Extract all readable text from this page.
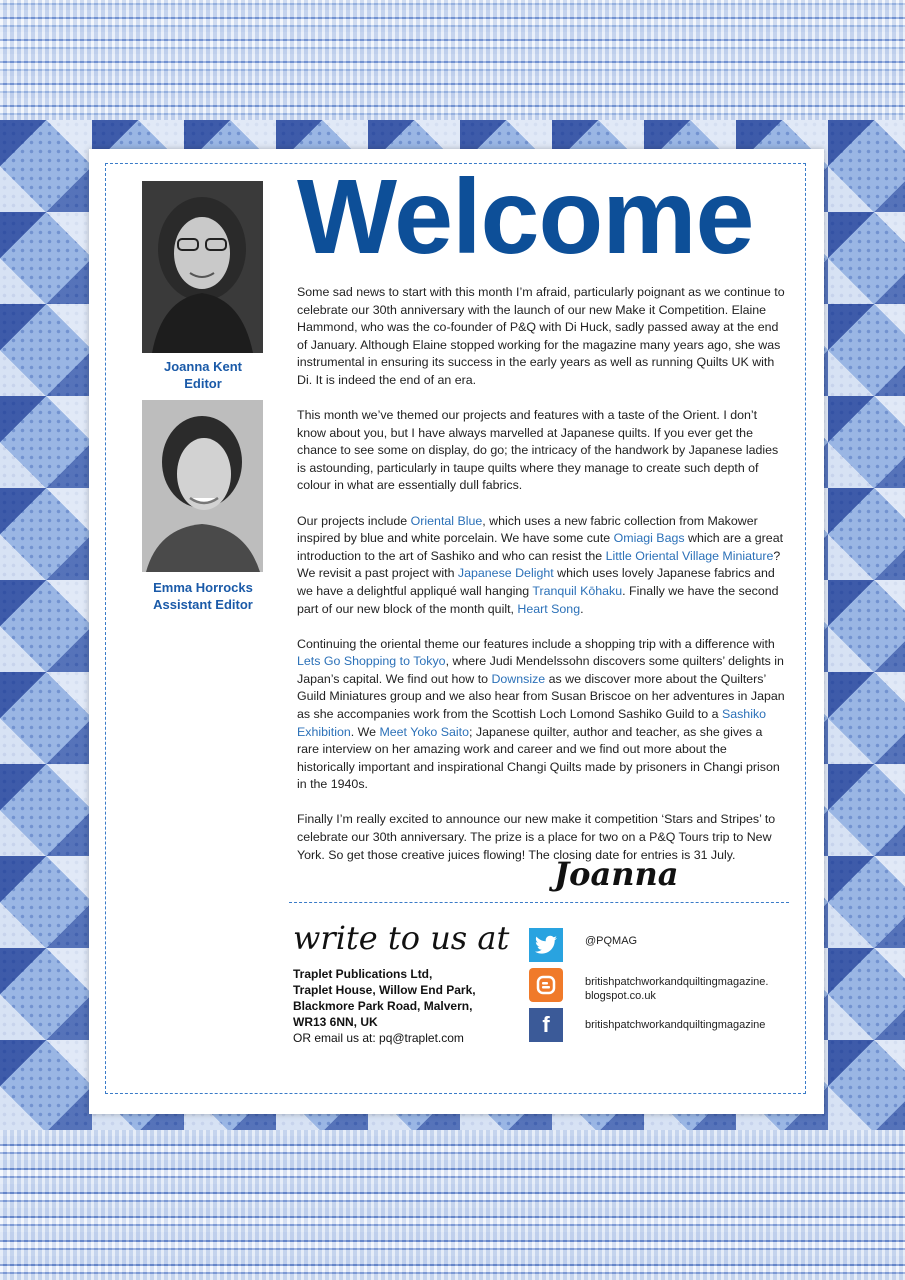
Joanna Kent
Editor
Emma Horrocks
Assistant Editor
Welcome

Some sad news to start with this month I’m afraid, particularly poignant as we continue to celebrate our 30th anniversary with the launch of our new Make it Competition. Elaine Hammond, who was the co-founder of P&Q with Di Huck, sadly passed away at the end of January. Although Elaine stopped working for the magazine many years ago, she was instrumental in ensuring its success in the early years as well as running Quilts UK with Di. It is indeed the end of an era.

This month we’ve themed our projects and features with a taste of the Orient. I don’t know about you, but I have always marvelled at Japanese quilts. If you ever get the chance to see some on display, do go; the intricacy of the handwork by Japanese ladies is astounding, particularly in taupe quilts where they manage to create such depth of colour in what are essentially dull fabrics.

Our projects include Oriental Blue, which uses a new fabric collection from Makower inspired by blue and white porcelain. We have some cute Omiagi Bags which are a great introduction to the art of Sashiko and who can resist the Little Oriental Village Miniature? We revisit a past project with Japanese Delight which uses lovely Japanese fabrics and we have a delightful appliqué wall hanging Tranquil Kōhaku. Finally we have the second part of our new block of the month quilt, Heart Song.

Continuing the oriental theme our features include a shopping trip with a difference with Lets Go Shopping to Tokyo, where Judi Mendelssohn discovers some quilters’ delights in Japan’s capital. We find out how to Downsize as we discover more about the Quilters’ Guild Miniatures group and we also hear from Susan Briscoe on her adventures in Japan as she accompanies work from the Scottish Loch Lomond Sashiko Guild to a Sashiko Exhibition. We Meet Yoko Saito; Japanese quilter, author and teacher, as she gives a rare interview on her amazing work and career and we find out more about the historically important and inspirational Changi Quilts made by prisoners in Changi prison in the 1940s.

Finally I’m really excited to announce our new make it competition ‘Stars and Stripes’ to celebrate our 30th anniversary. The prize is a place for two on a P&Q Tours trip to New York. So get those creative juices flowing! The closing date for entries is 31 July.

Joanna
write to us at
Traplet Publications Ltd,
Traplet House, Willow End Park,
Blackmore Park Road, Malvern,
WR13 6NN, UK
OR email us at: pq@traplet.com
@PQMAG
britishpatchworkandquiltingmagazine.
blogspot.co.uk
f	britishpatchworkandquiltingmagazine
